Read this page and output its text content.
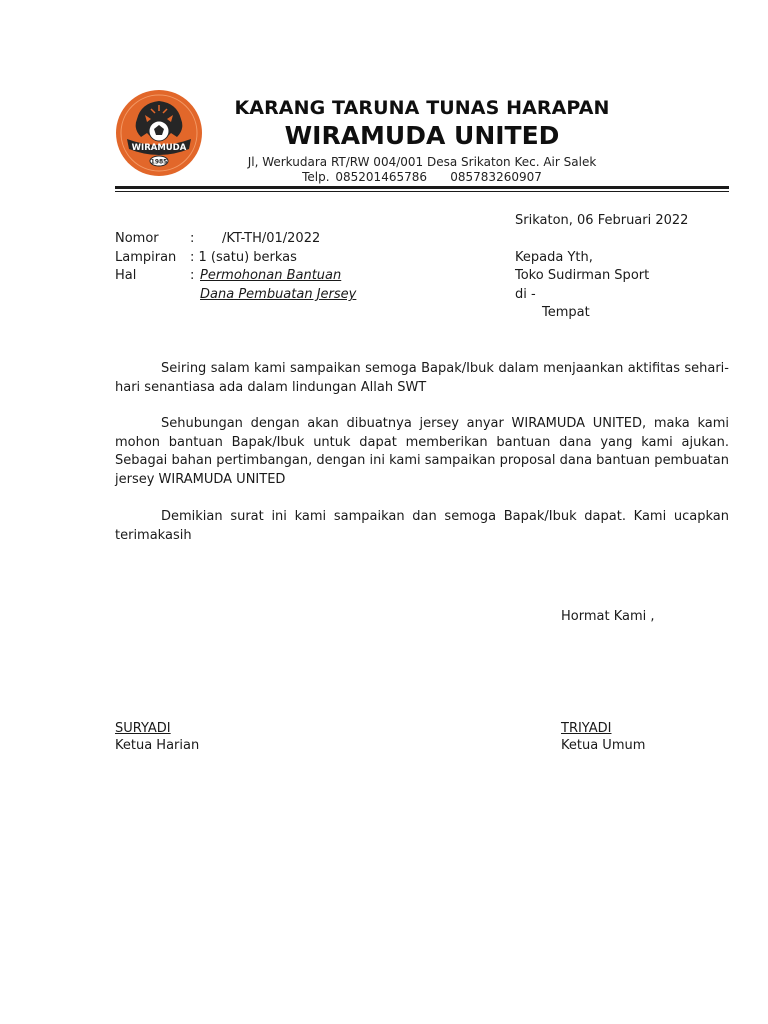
WIRAMUDA
1985
KARANG TARUNA TUNAS HARAPAN
WIRAMUDA UNITED
Jl, Werkudara RT/RW 004/001 Desa Srikaton Kec. Air Salek
Telp. 085201465786    085783260907
Srikaton, 06 Februari 2022
Nomor : /KT-TH/01/2022
Lampiran : 1 (satu) berkas
Hal	: Permohonan Bantuan
Dana Pembuatan Jersey
Kepada Yth,
Toko Sudirman Sport
di -
Tempat
Seiring salam kami sampaikan semoga Bapak/Ibuk dalam menjaankan aktifitas sehari-hari senantiasa ada dalam lindungan Allah SWT
Sehubungan dengan akan dibuatnya jersey anyar WIRAMUDA UNITED, maka kami mohon bantuan Bapak/Ibuk untuk dapat memberikan bantuan dana yang kami ajukan. Sebagai bahan pertimbangan, dengan ini kami sampaikan proposal dana bantuan pembuatan jersey WIRAMUDA UNITED
Demikian surat ini kami sampaikan dan semoga Bapak/Ibuk dapat. Kami ucapkan terimakasih
Hormat Kami ,
SURYADI
Ketua Harian
TRIYADI
Ketua Umum
